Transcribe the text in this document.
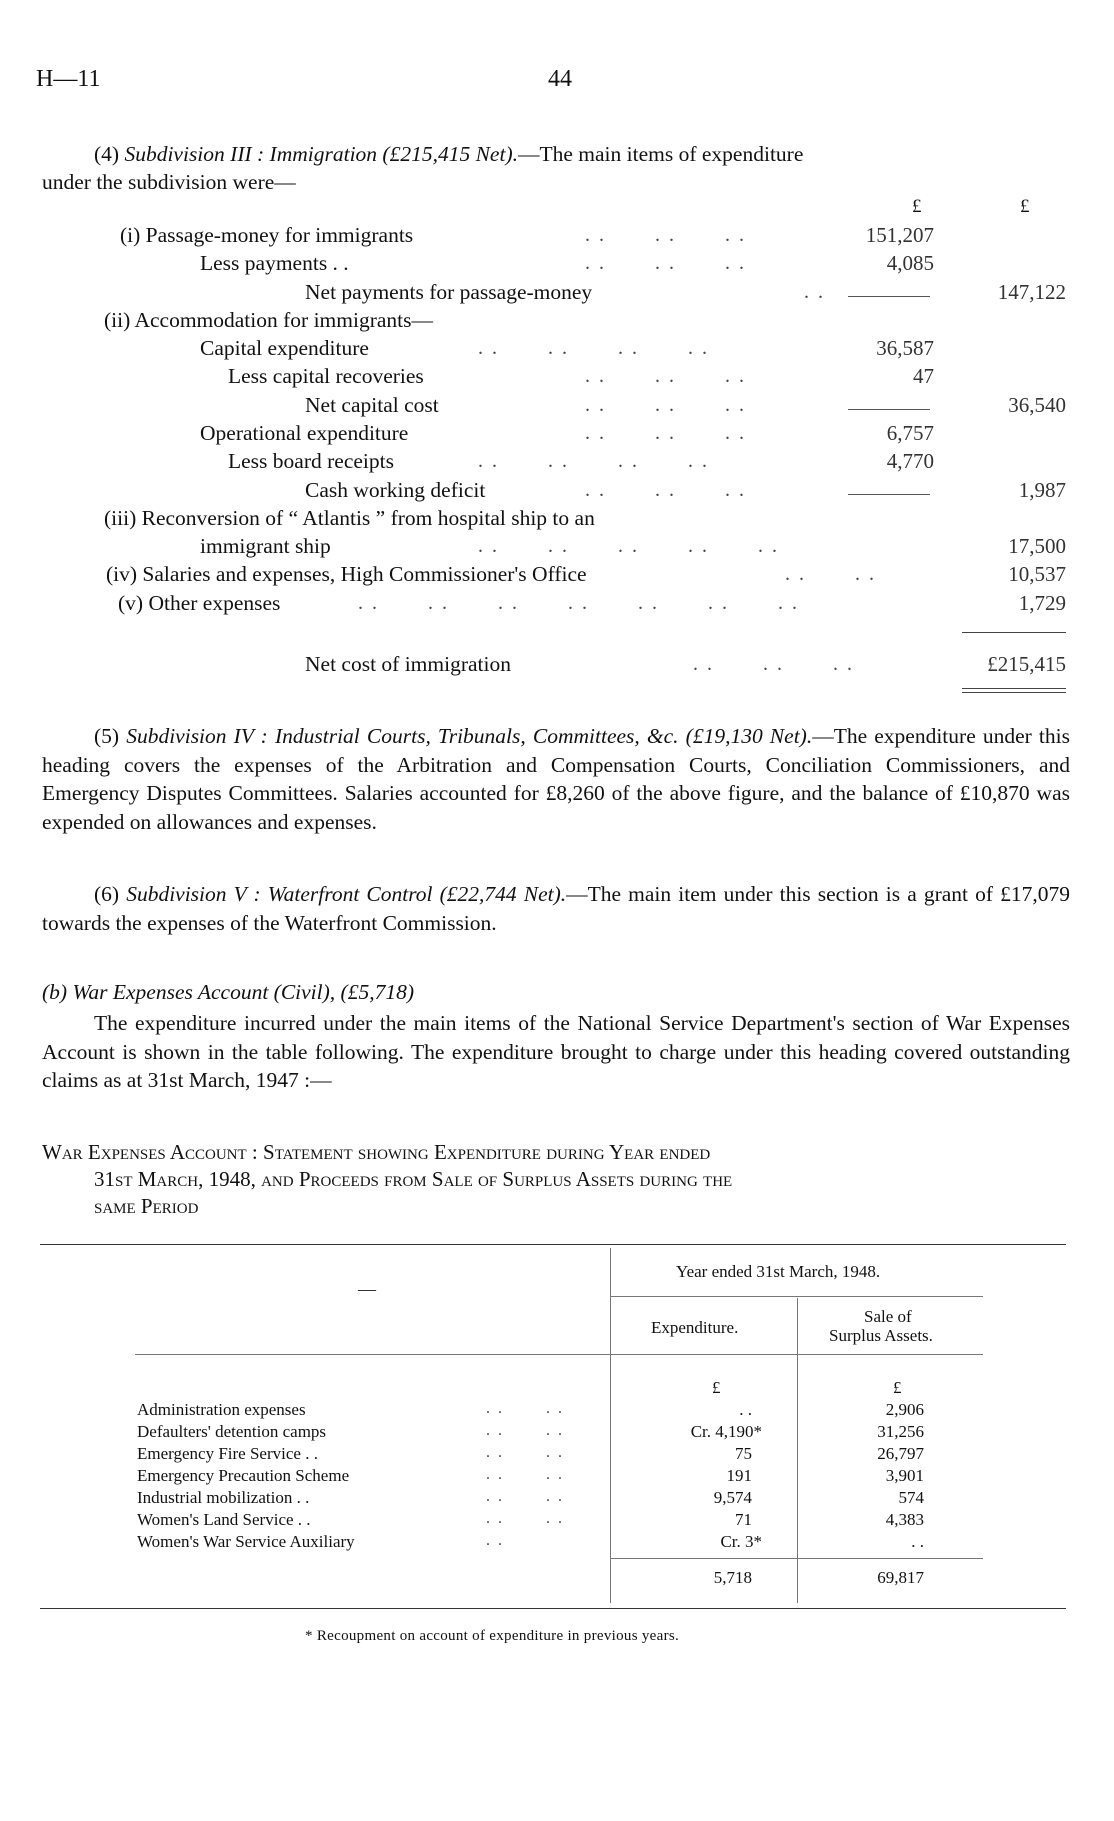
H—11	44
(4) Subdivision III : Immigration (£215,415 Net).—The main items of expenditure
under the subdivision were—
£	£
(i) Passage-money for immigrants	. .       . .       . .	151,207
Less payments . .	. .       . .       . .	4,085
Net payments for passage-money	. .	147,122
(ii) Accommodation for immigrants—
Capital expenditure	. .       . .       . .       . .	36,587
Less capital recoveries	. .       . .       . .	47
Net capital cost	. .       . .       . .	36,540
Operational expenditure	. .       . .       . .	6,757
Less board receipts	. .       . .       . .       . .	4,770
Cash working deficit	. .       . .       . .	1,987
(iii) Reconversion of “ Atlantis ” from hospital ship to an
immigrant ship	. .       . .       . .       . .       . .	17,500
(iv) Salaries and expenses, High Commissioner's Office	. .       . .	10,537
(v) Other expenses	. .       . .       . .       . .       . .       . .       . .	1,729
Net cost of immigration	. .       . .       . .	£215,415
(5) Subdivision IV : Industrial Courts, Tribunals, Committees, &c. (£19,130 Net).—The expenditure under this heading covers the expenses of the Arbitration and Compensation Courts, Conciliation Commissioners, and Emergency Disputes Committees. Salaries accounted for £8,260 of the above figure, and the balance of £10,870 was expended on allowances and expenses.
(6) Subdivision V : Waterfront Control (£22,744 Net).—The main item under this section is a grant of £17,079 towards the expenses of the Waterfront Commission.
(b) War Expenses Account (Civil), (£5,718)
The expenditure incurred under the main items of the National Service Department's section of War Expenses Account is shown in the table following. The expenditure brought to charge under this heading covered outstanding claims as at 31st March, 1947 :—
War Expenses Account : Statement showing Expenditure during Year ended
31st March, 1948, and Proceeds from Sale of Surplus Assets during the
same Period
—
Year ended 31st March, 1948.
Expenditure.
Sale of
Surplus Assets.
£	£
Administration expenses	. .       . .	. .	2,906
Defaulters' detention camps	. .       . .	Cr. 4,190*	31,256
Emergency Fire Service . .	. .       . .	75	26,797
Emergency Precaution Scheme	. .       . .	191	3,901
Industrial mobilization . .	. .       . .	9,574	574
Women's Land Service . .	. .       . .	71	4,383
Women's War Service Auxiliary	. .	Cr. 3*	. .
5,718	69,817
* Recoupment on account of expenditure in previous years.
